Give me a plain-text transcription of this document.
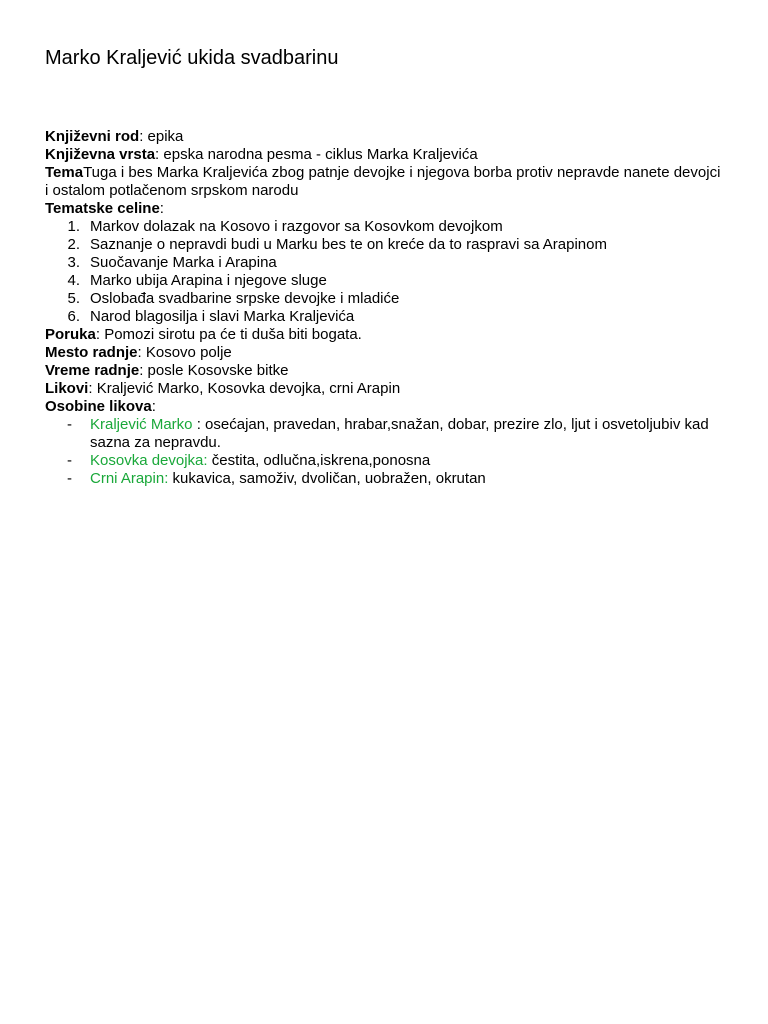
Marko Kraljević ukida svadbarinu

Književni rod: epika

Književna vrsta: epska narodna pesma - ciklus Marka Kraljevića

TemaTuga i bes Marka Kraljevića zbog patnje devojke i njegova borba protiv nepravde nanete devojci i ostalom potlačenom srpskom narodu

Tematske celine:

1. Markov dolazak na Kosovo i razgovor sa Kosovkom devojkom
2. Saznanje o nepravdi budi u Marku bes te on kreće da to raspravi sa Arapinom
3. Suočavanje Marka i Arapina
4. Marko ubija Arapina i njegove sluge
5. Oslobađa svadbarine srpske devojke i mladiće
6. Narod blagosilja i slavi Marka Kraljevića

Poruka: Pomozi sirotu pa će ti duša biti bogata.

Mesto radnje: Kosovo polje

Vreme radnje: posle Kosovske bitke

Likovi: Kraljević Marko, Kosovka devojka, crni Arapin

Osobine likova:

- Kraljević Marko : osećajan, pravedan, hrabar,snažan, dobar, prezire zlo, ljut i osvetoljubiv kad sazna za nepravdu.
- Kosovka devojka: čestita, odlučna,iskrena,ponosna
- Crni Arapin: kukavica, samoživ, dvoličan, uobražen, okrutan
